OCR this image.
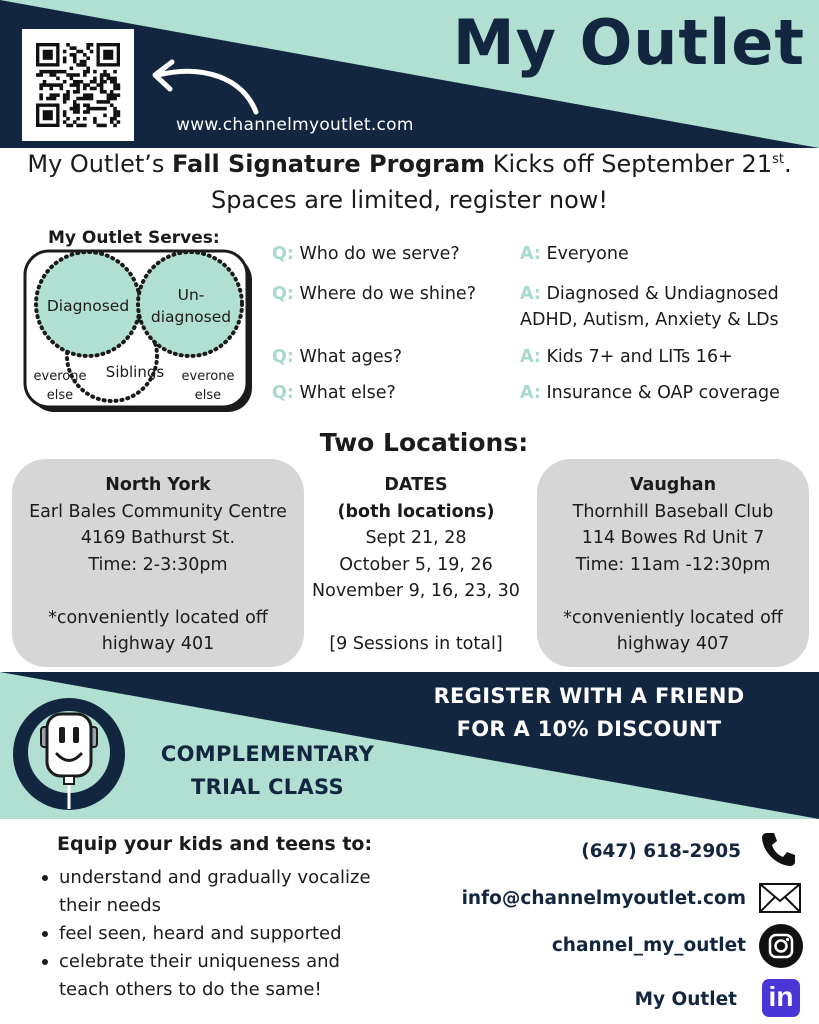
My Outlet
www.channelmyoutlet.com
My Outlet’s Fall Signature Program Kicks off September 21st.
Spaces are limited, register now!
My Outlet Serves:
Diagnosed
Un-
diagnosed
Siblings
everone
else
everone
else
Q: Who do we serve?	A: Everyone
Q: Where do we shine?	A: Diagnosed & Undiagnosed
ADHD, Autism, Anxiety & LDs
Q: What ages?	A: Kids 7+ and LITs 16+
Q: What else?	A: Insurance & OAP coverage
Two Locations:
North York
Earl Bales Community Centre
4169 Bathurst St.
Time: 2-3:30pm
*conveniently located off
highway 401
DATES
(both locations)
Sept 21, 28
October 5, 19, 26
November 9, 16, 23, 30
[9 Sessions in total]
Vaughan
Thornhill Baseball Club
114 Bowes Rd Unit 7
Time: 11am -12:30pm
*conveniently located off
highway 407
REGISTER WITH A FRIEND
FOR A 10% DISCOUNT
COMPLEMENTARY
TRIAL CLASS
Equip your kids and teens to:
understand and gradually vocalize
their needs
feel seen, heard and supported
celebrate their uniqueness and
teach others to do the same!
(647) 618-2905
info@channelmyoutlet.com
channel_my_outlet
My Outlet in
